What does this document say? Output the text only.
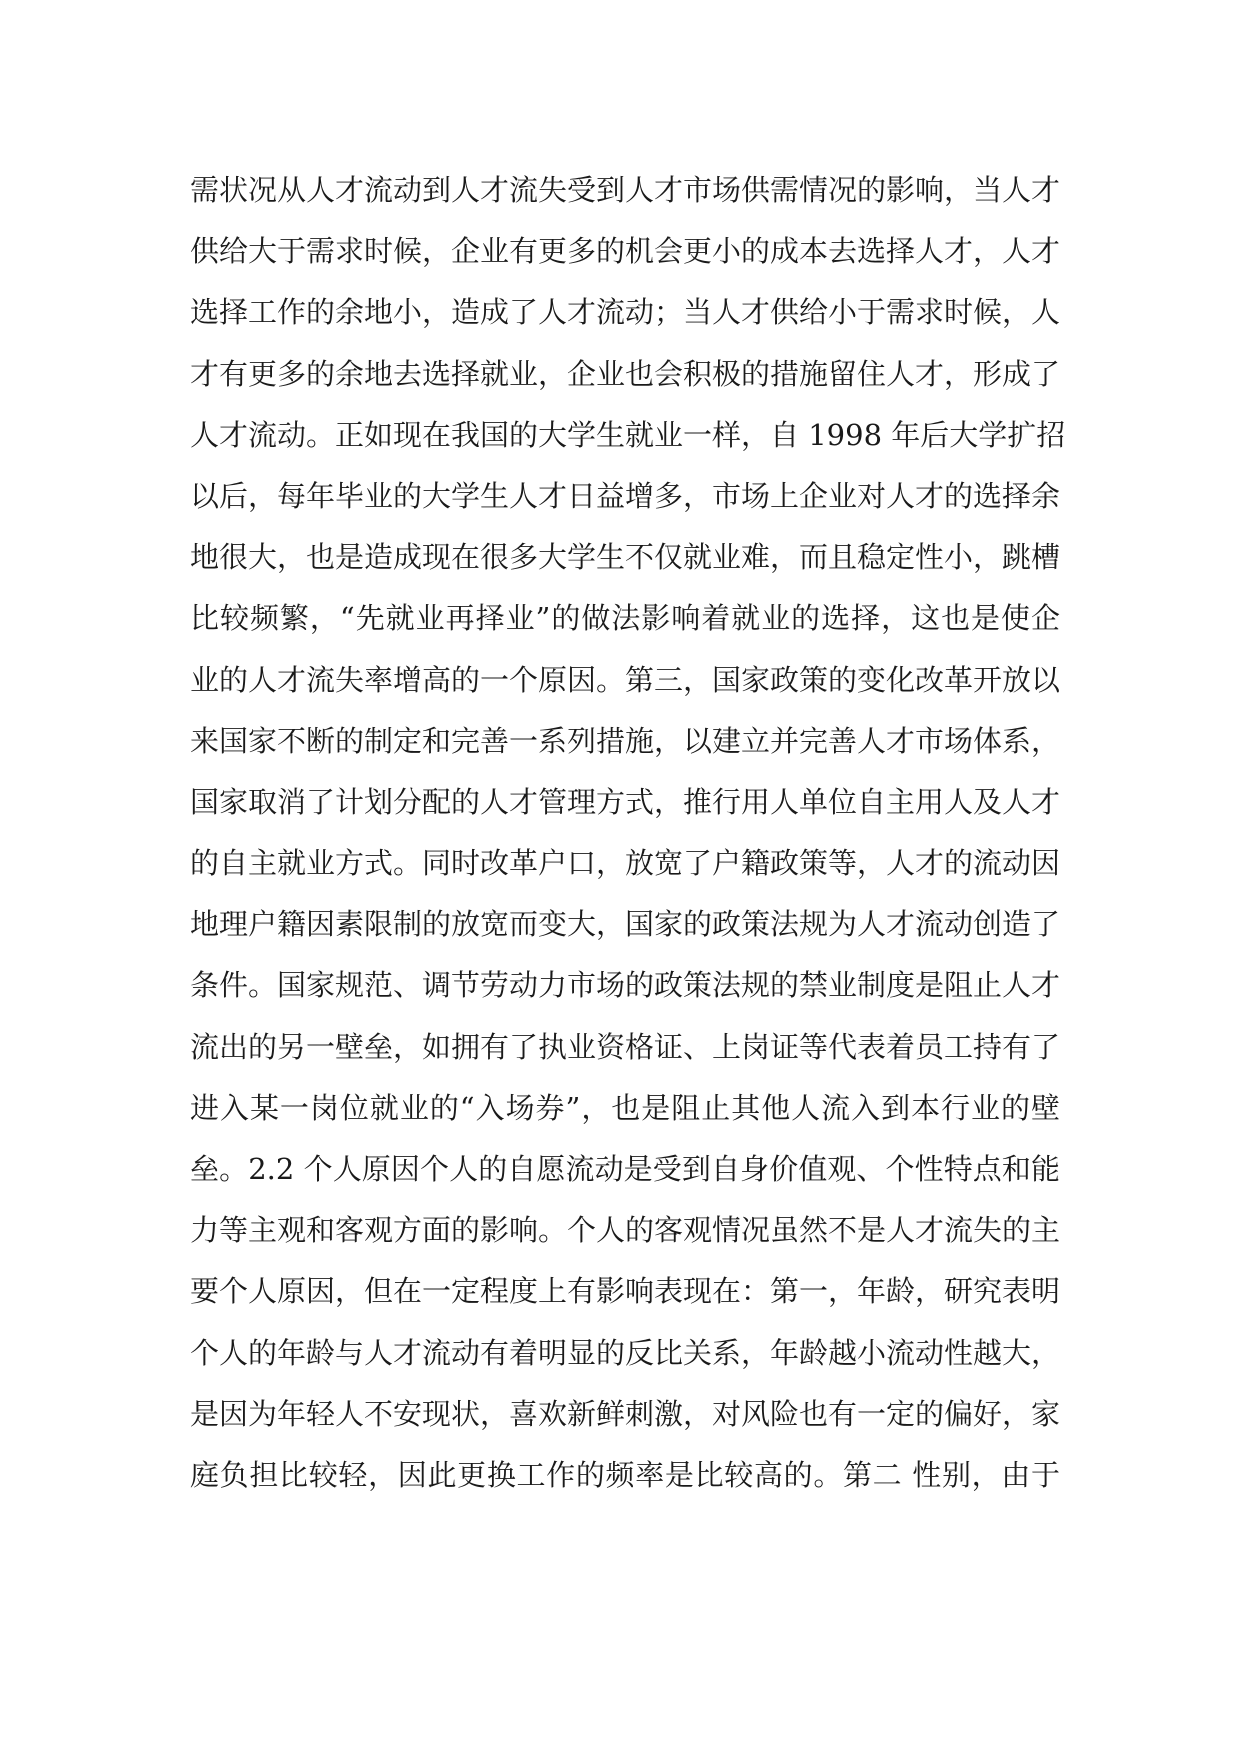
需状况从人才流动到人才流失受到人才市场供需情况的影响，当人才
供给大于需求时候，企业有更多的机会更小的成本去选择人才，人才
选择工作的余地小，造成了人才流动；当人才供给小于需求时候，人
才有更多的余地去选择就业，企业也会积极的措施留住人才，形成了
人才流动。正如现在我国的大学生就业一样，自 1998 年后大学扩招
以后，每年毕业的大学生人才日益增多，市场上企业对人才的选择余
地很大，也是造成现在很多大学生不仅就业难，而且稳定性小，跳槽
比较频繁，“先就业再择业”的做法影响着就业的选择，这也是使企
业的人才流失率增高的一个原因。第三，国家政策的变化改革开放以
来国家不断的制定和完善一系列措施，以建立并完善人才市场体系，
国家取消了计划分配的人才管理方式，推行用人单位自主用人及人才
的自主就业方式。同时改革户口，放宽了户籍政策等，人才的流动因
地理户籍因素限制的放宽而变大，国家的政策法规为人才流动创造了
条件。国家规范、调节劳动力市场的政策法规的禁业制度是阻止人才
流出的另一壁垒，如拥有了执业资格证、上岗证等代表着员工持有了
进入某一岗位就业的“入场券”，也是阻止其他人流入到本行业的壁
垒。2.2 个人原因个人的自愿流动是受到自身价值观、个性特点和能
力等主观和客观方面的影响。个人的客观情况虽然不是人才流失的主
要个人原因，但在一定程度上有影响表现在：第一，年龄，研究表明
个人的年龄与人才流动有着明显的反比关系，年龄越小流动性越大，
是因为年轻人不安现状，喜欢新鲜刺激，对风险也有一定的偏好，家
庭负担比较轻，因此更换工作的频率是比较高的。第二 性别，由于
